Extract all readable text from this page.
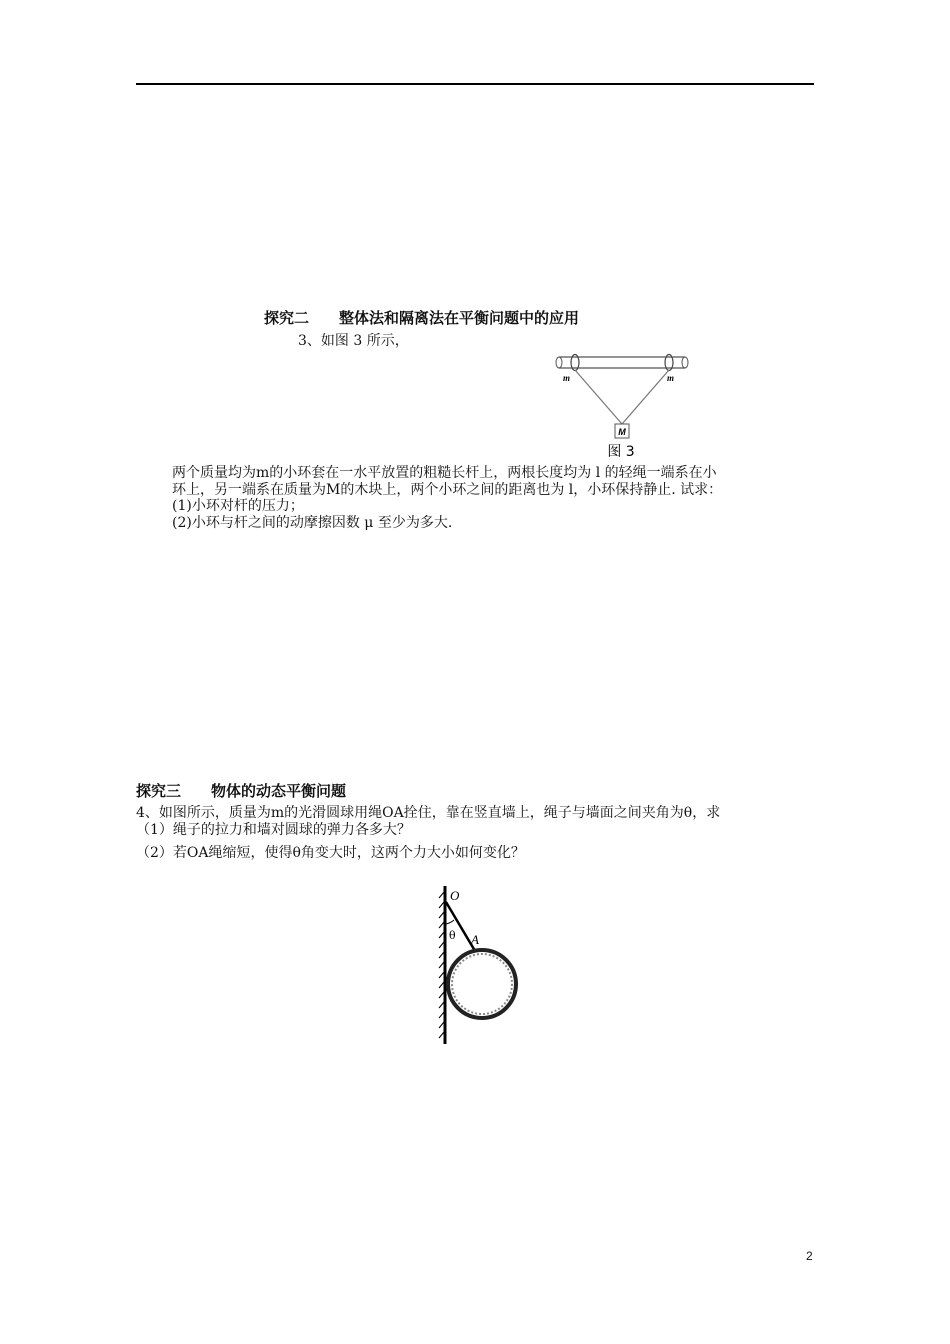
探究二　　整体法和隔离法在平衡问题中的应用
3、如图 3 所示，
M
m	m
图 3
两个质量均为m的小环套在一水平放置的粗糙长杆上，两根长度均为 l 的轻绳一端系在小
环上，另一端系在质量为M的木块上，两个小环之间的距离也为 l，小环保持静止. 试求：
(1)小环对杆的压力；
(2)小环与杆之间的动摩擦因数 μ 至少为多大.
探究三　　物体的动态平衡问题
4、如图所示，质量为m的光滑圆球用绳OA拴住，靠在竖直墙上，绳子与墙面之间夹角为θ，求
（1）绳子的拉力和墙对圆球的弹力各多大？
（2）若OA绳缩短，使得θ角变大时，这两个力大小如何变化？
O
θ A
2
